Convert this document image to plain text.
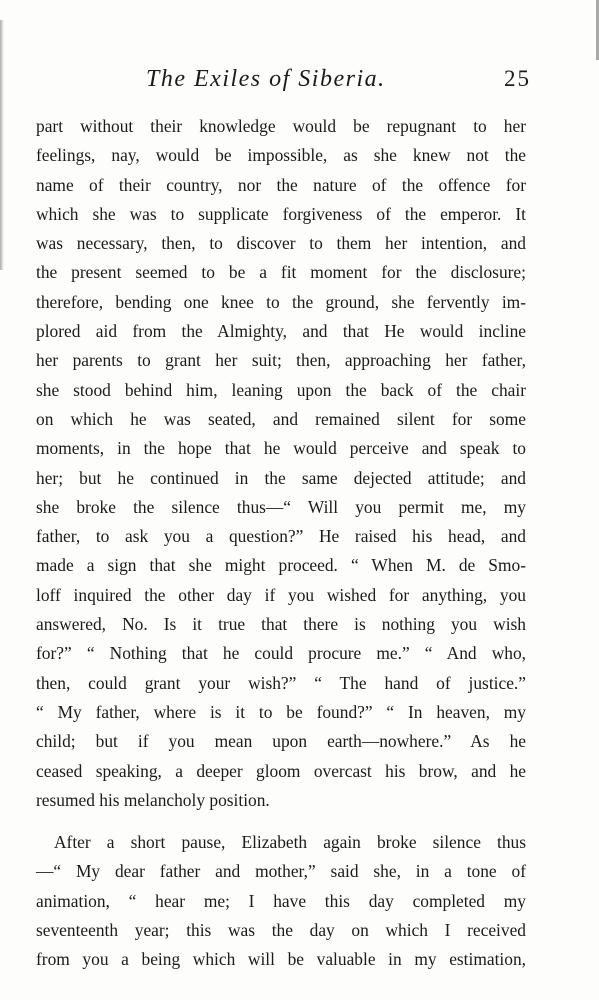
The Exiles of Siberia.	25
part without their knowledge would be repugnant to her
feelings, nay, would be impossible, as she knew not the
name of their country, nor the nature of the offence for
which she was to supplicate forgiveness of the emperor. It
was necessary, then, to discover to them her intention, and
the present seemed to be a fit moment for the disclosure;
therefore, bending one knee to the ground, she fervently im-
plored aid from the Almighty, and that He would incline
her parents to grant her suit; then, approaching her father,
she stood behind him, leaning upon the back of the chair
on which he was seated, and remained silent for some
moments, in the hope that he would perceive and speak to
her; but he continued in the same dejected attitude; and
she broke the silence thus—“ Will you permit me, my
father, to ask you a question?” He raised his head, and
made a sign that she might proceed. “ When M. de Smo-
loff inquired the other day if you wished for anything, you
answered, No. Is it true that there is nothing you wish
for?” “ Nothing that he could procure me.” “ And who,
then, could grant your wish?” “ The hand of justice.”
“ My father, where is it to be found?” “ In heaven, my
child; but if you mean upon earth—nowhere.” As he
ceased speaking, a deeper gloom overcast his brow, and he
resumed his melancholy position.
After a short pause, Elizabeth again broke silence thus
—“ My dear father and mother,” said she, in a tone of
animation, “ hear me; I have this day completed my
seventeenth year; this was the day on which I received
from you a being which will be valuable in my estimation,
